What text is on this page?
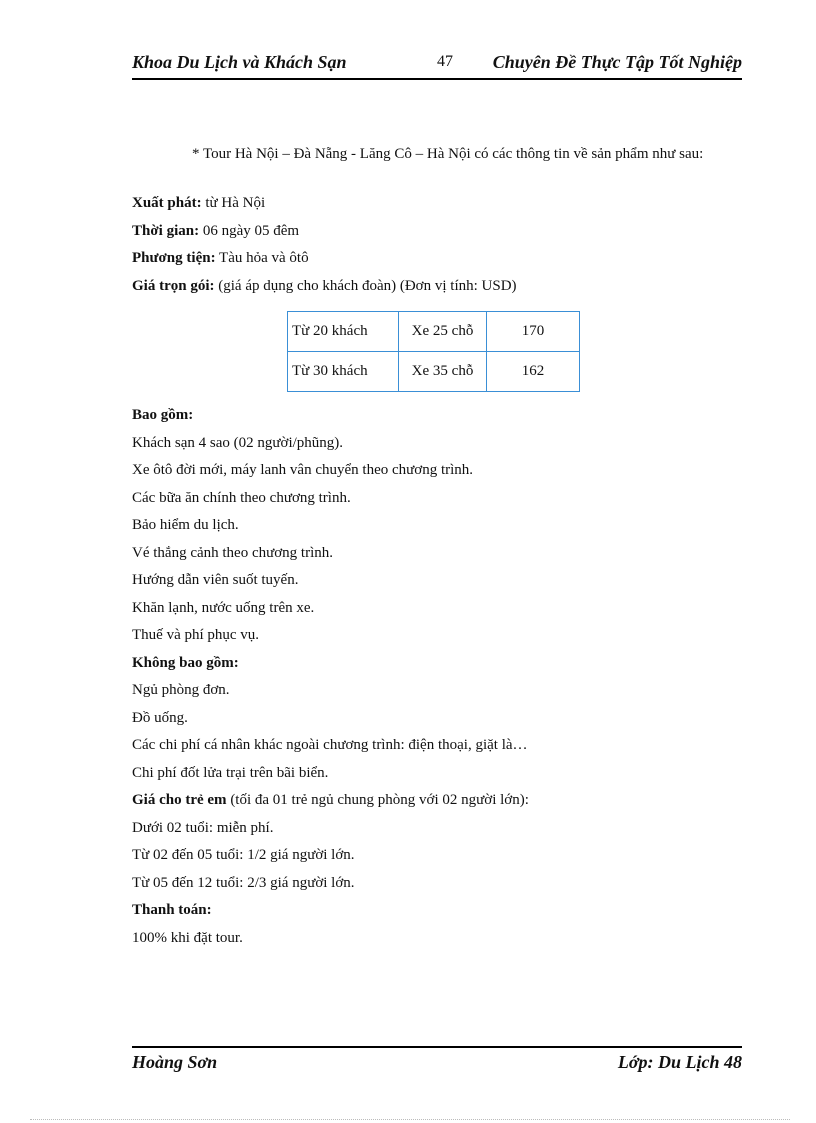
Khoa Du Lịch và Khách Sạn	47 Chuyên Đề Thực Tập Tốt Nghiệp

* Tour Hà Nội – Đà Nẵng - Lăng Cô – Hà Nội có các thông tin về sản phẩm như sau:

Xuất phát: từ Hà Nội

Thời gian: 06 ngày 05 đêm

Phương tiện: Tàu hỏa và ôtô

Giá trọn gói: (giá áp dụng cho khách đoàn) (Đơn vị tính: USD)

Từ 20 khách	Xe 25 chỗ	170
Từ 30 khách	Xe 35 chỗ	162

Bao gồm:

Khách sạn 4 sao (02 người/phũng).

Xe ôtô đời mới, máy lanh vân chuyển theo chương trình.

Các bữa ăn chính theo chương trình.

Bảo hiểm du lịch.

Vé thắng cảnh theo chương trình.

Hướng dẫn viên suốt tuyến.

Khăn lạnh, nước uống trên xe.

Thuế và phí phục vụ.

Không bao gồm:

Ngủ phòng đơn.

Đồ uống.

Các chi phí cá nhân khác ngoài chương trình: điện thoại, giặt là…

Chi phí đốt lửa trại trên bãi biển.

Giá cho trẻ em (tối đa 01 trẻ ngủ chung phòng với 02 người lớn):

Dưới 02 tuổi: miễn phí.

Từ 02 đến 05 tuổi: 1/2 giá người lớn.

Từ 05 đến 12 tuổi: 2/3 giá người lớn.

Thanh toán:

100% khi đặt tour.

Hoàng Sơn	Lớp: Du Lịch 48
